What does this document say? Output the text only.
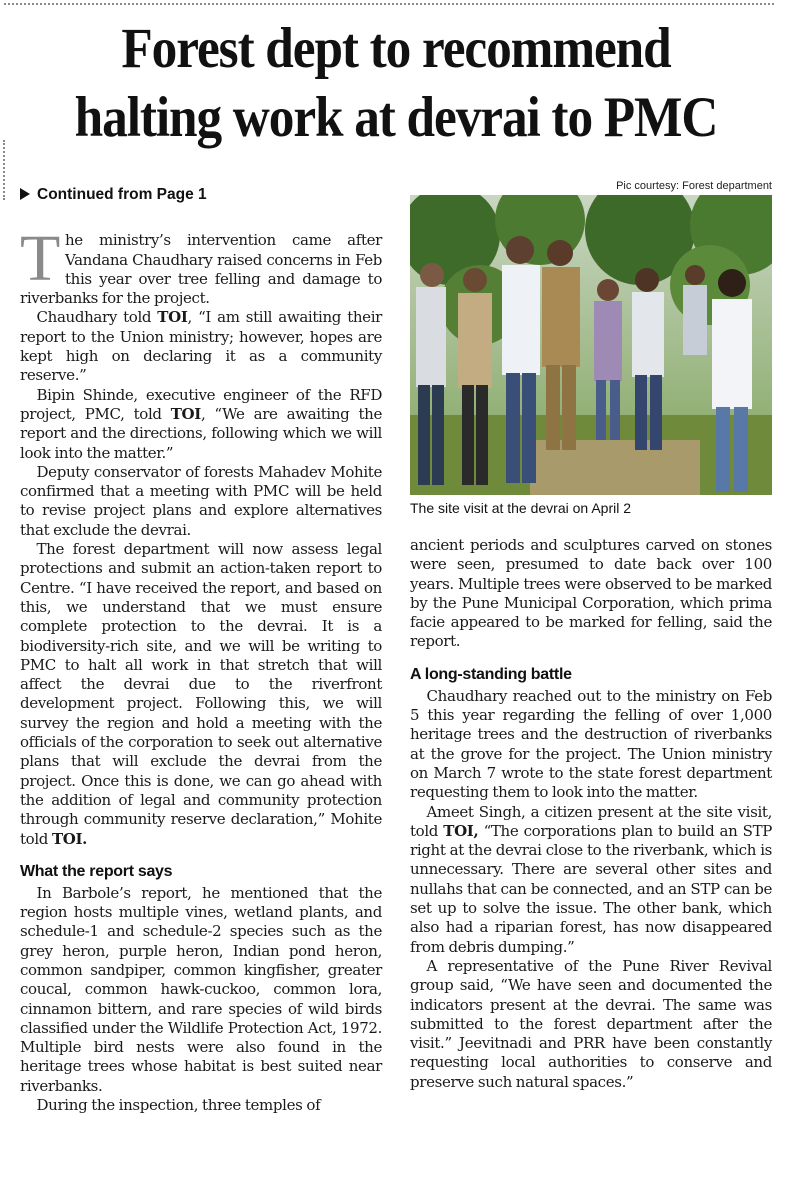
Forest dept to recommend
halting work at devrai to PMC
Pic courtesy: Forest department
The site visit at the devrai on April 2
Continued from Page 1

The ministry’s intervention came after Vandana Chaudhary raised concerns in Feb this year over tree felling and damage to riverbanks for the project.

Chaudhary told TOI, “I am still awaiting their report to the Union ministry; however, hopes are kept high on declaring it as a community reserve.”

Bipin Shinde, executive engineer of the RFD project, PMC, told TOI, “We are awaiting the report and the directions, following which we will look into the matter.”

Deputy conservator of forests Mahadev Mohite confirmed that a meeting with PMC will be held to revise project plans and explore alternatives that exclude the devrai.

The forest department will now assess legal protections and submit an action-taken report to Centre. “I have received the report, and based on this, we understand that we must ensure complete protection to the devrai. It is a biodiversity-rich site, and we will be writing to PMC to halt all work in that stretch that will affect the devrai due to the riverfront development project. Following this, we will survey the region and hold a meeting with the officials of the corporation to seek out alternative plans that will exclude the devrai from the project. Once this is done, we can go ahead with the addition of legal and community protection through community reserve declaration,” Mohite told TOI.

What the report says

In Barbole’s report, he mentioned that the region hosts multiple vines, wetland plants, and schedule-1 and schedule-2 species such as the grey heron, purple heron, Indian pond heron, common sandpiper, common kingfisher, greater coucal, common hawk-cuckoo, common lora, cinnamon bittern, and rare species of wild birds classified under the Wildlife Protection Act, 1972. Multiple bird nests were also found in the heritage trees whose habitat is best suited near riverbanks.

During the inspection, three temples of

ancient periods and sculptures carved on stones were seen, presumed to date back over 100 years. Multiple trees were observed to be marked by the Pune Municipal Corporation, which prima facie appeared to be marked for felling, said the report.

A long-standing battle

Chaudhary reached out to the ministry on Feb 5 this year regarding the felling of over 1,000 heritage trees and the destruction of riverbanks at the grove for the project. The Union ministry on March 7 wrote to the state forest department requesting them to look into the matter.

Ameet Singh, a citizen present at the site visit, told TOI, “The corporations plan to build an STP right at the devrai close to the riverbank, which is unnecessary. There are several other sites and nullahs that can be connected, and an STP can be set up to solve the issue. The other bank, which also had a riparian forest, has now disappeared from debris dumping.”

A representative of the Pune River Revival group said, “We have seen and documented the indicators present at the devrai. The same was submitted to the forest department after the visit.” Jeevitnadi and PRR have been constantly requesting local authorities to conserve and preserve such natural spaces.”
